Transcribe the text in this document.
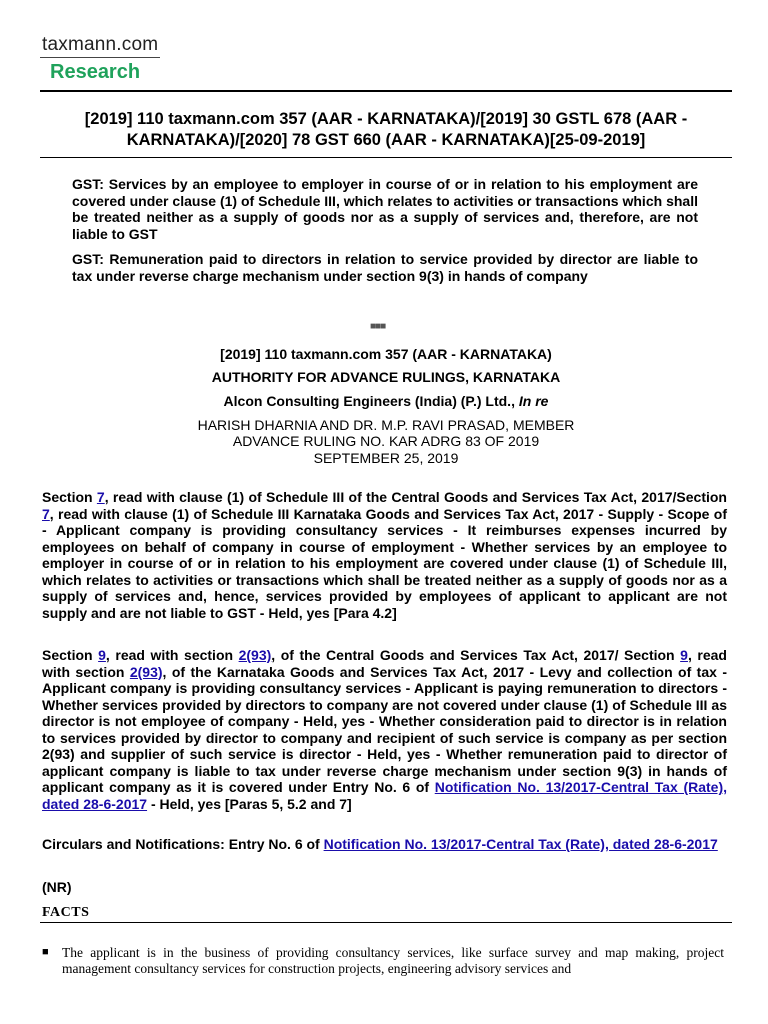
taxmann.com
Research
[2019] 110 taxmann.com 357 (AAR - KARNATAKA)/[2019] 30 GSTL 678 (AAR - KARNATAKA)/[2020] 78 GST 660 (AAR - KARNATAKA)[25-09-2019]
GST: Services by an employee to employer in course of or in relation to his employment are covered under clause (1) of Schedule III, which relates to activities or transactions which shall be treated neither as a supply of goods nor as a supply of services and, therefore, are not liable to GST
GST: Remuneration paid to directors in relation to service provided by director are liable to tax under reverse charge mechanism under section 9(3) in hands of company
■■■
[2019] 110 taxmann.com 357 (AAR - KARNATAKA)
AUTHORITY FOR ADVANCE RULINGS, KARNATAKA
Alcon Consulting Engineers (India) (P.) Ltd., In re
HARISH DHARNIA AND DR. M.P. RAVI PRASAD, MEMBER
ADVANCE RULING NO. KAR ADRG 83 OF 2019
SEPTEMBER 25, 2019
Section 7, read with clause (1) of Schedule III of the Central Goods and Services Tax Act, 2017/Section 7, read with clause (1) of Schedule III Karnataka Goods and Services Tax Act, 2017 - Supply - Scope of - Applicant company is providing consultancy services - It reimburses expenses incurred by employees on behalf of company in course of employment - Whether services by an employee to employer in course of or in relation to his employment are covered under clause (1) of Schedule III, which relates to activities or transactions which shall be treated neither as a supply of goods nor as a supply of services and, hence, services provided by employees of applicant to applicant are not supply and are not liable to GST - Held, yes [Para 4.2]
Section 9, read with section 2(93), of the Central Goods and Services Tax Act, 2017/ Section 9, read with section 2(93), of the Karnataka Goods and Services Tax Act, 2017 - Levy and collection of tax - Applicant company is providing consultancy services - Applicant is paying remuneration to directors - Whether services provided by directors to company are not covered under clause (1) of Schedule III as director is not employee of company - Held, yes - Whether consideration paid to director is in relation to services provided by director to company and recipient of such service is company as per section 2(93) and supplier of such service is director - Held, yes - Whether remuneration paid to director of applicant company is liable to tax under reverse charge mechanism under section 9(3) in hands of applicant company as it is covered under Entry No. 6 of Notification No. 13/2017-Central Tax (Rate), dated 28-6-2017 - Held, yes [Paras 5, 5.2 and 7]
Circulars and Notifications: Entry No. 6 of Notification No. 13/2017-Central Tax (Rate), dated 28-6-2017
(NR)
FACTS
■ The applicant is in the business of providing consultancy services, like surface survey and map making, project management consultancy services for construction projects, engineering advisory services and
